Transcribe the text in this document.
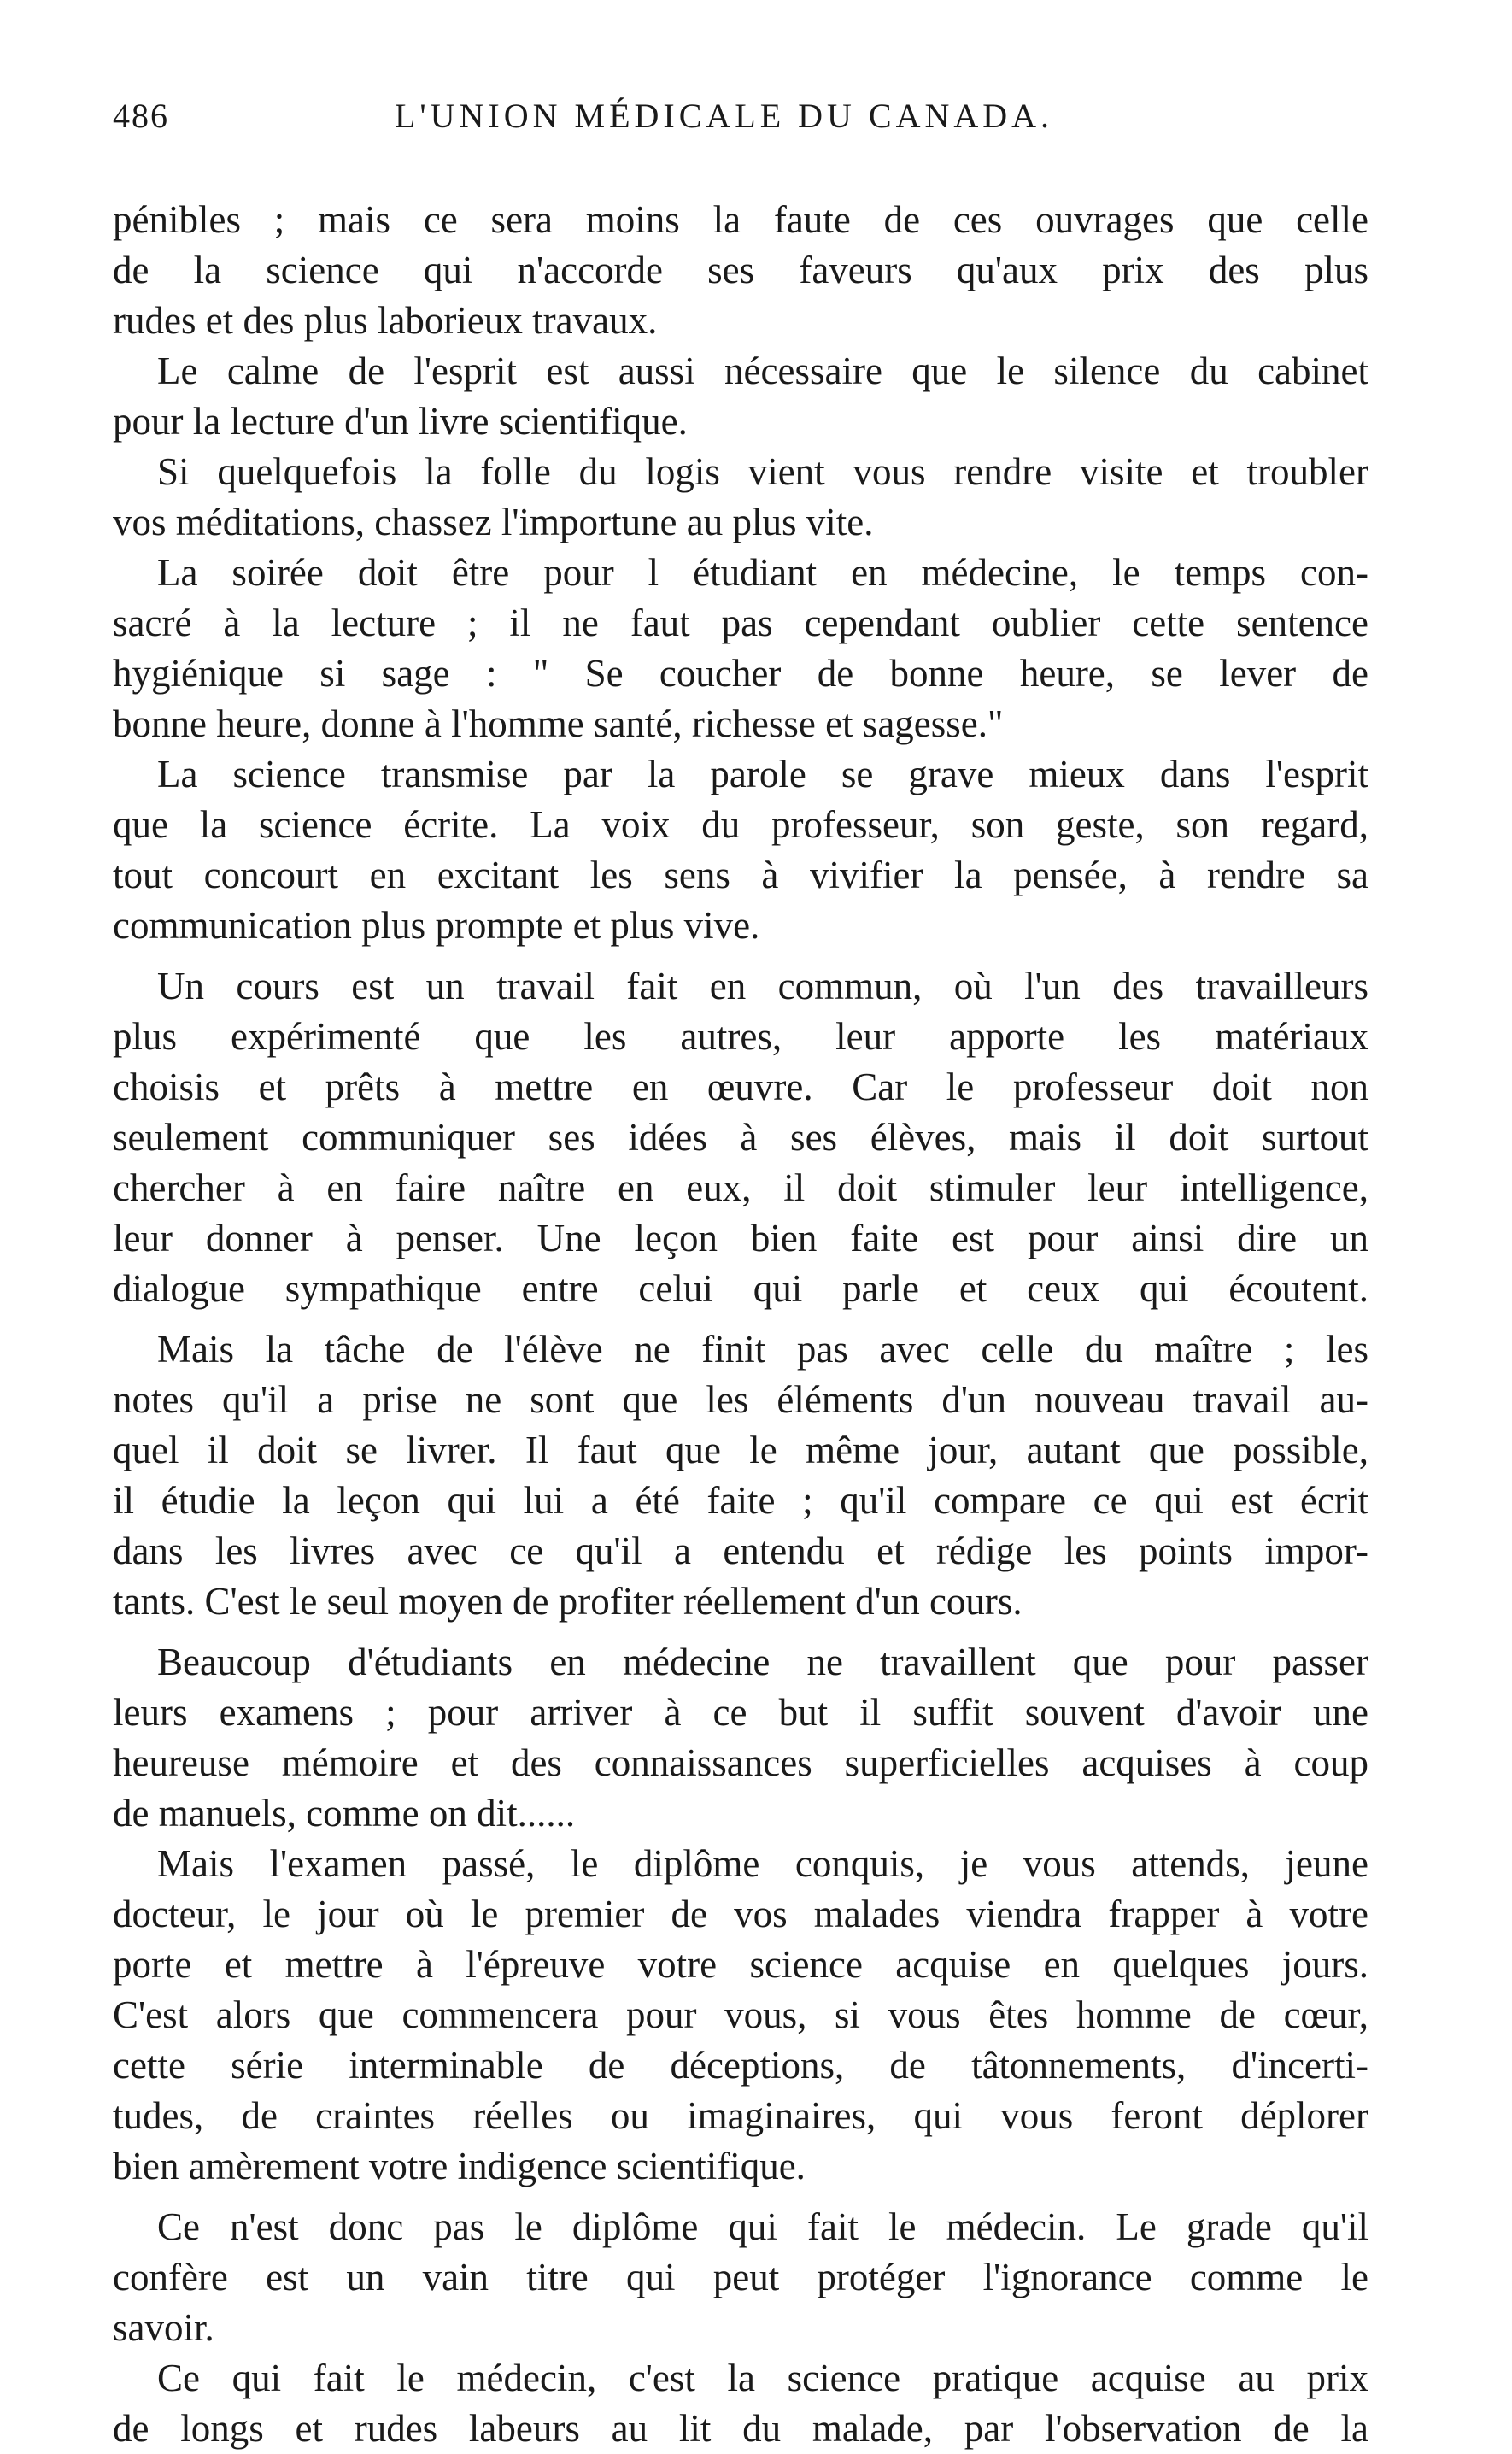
486	L'UNION MÉDICALE DU CANADA.
pénibles ; mais ce sera moins la faute de ces ouvrages que celle
de la science qui n'accorde ses faveurs qu'aux prix des plus
rudes et des plus laborieux travaux.
Le calme de l'esprit est aussi nécessaire que le silence du cabinet
pour la lecture d'un livre scientifique.
Si quelquefois la folle du logis vient vous rendre visite et troubler
vos méditations, chassez l'importune au plus vite.
La soirée doit être pour l étudiant en médecine, le temps con-
sacré à la lecture ; il ne faut pas cependant oublier cette sentence
hygiénique si sage : " Se coucher de bonne heure, se lever de
bonne heure, donne à l'homme santé, richesse et sagesse."
La science transmise par la parole se grave mieux dans l'esprit
que la science écrite. La voix du professeur, son geste, son regard,
tout concourt en excitant les sens à vivifier la pensée, à rendre sa
communication plus prompte et plus vive.
Un cours est un travail fait en commun, où l'un des travailleurs
plus expérimenté que les autres, leur apporte les matériaux
choisis et prêts à mettre en œuvre. Car le professeur doit non
seulement communiquer ses idées à ses élèves, mais il doit surtout
chercher à en faire naître en eux, il doit stimuler leur intelligence,
leur donner à penser. Une leçon bien faite est pour ainsi dire un
dialogue sympathique entre celui qui parle et ceux qui écoutent.
Mais la tâche de l'élève ne finit pas avec celle du maître ; les
notes qu'il a prise ne sont que les éléments d'un nouveau travail au-
quel il doit se livrer. Il faut que le même jour, autant que possible,
il étudie la leçon qui lui a été faite ; qu'il compare ce qui est écrit
dans les livres avec ce qu'il a entendu et rédige les points impor-
tants. C'est le seul moyen de profiter réellement d'un cours.
Beaucoup d'étudiants en médecine ne travaillent que pour passer
leurs examens ; pour arriver à ce but il suffit souvent d'avoir une
heureuse mémoire et des connaissances superficielles acquises à coup
de manuels, comme on dit......
Mais l'examen passé, le diplôme conquis, je vous attends, jeune
docteur, le jour où le premier de vos malades viendra frapper à votre
porte et mettre à l'épreuve votre science acquise en quelques jours.
C'est alors que commencera pour vous, si vous êtes homme de cœur,
cette série interminable de déceptions, de tâtonnements, d'incerti-
tudes, de craintes réelles ou imaginaires, qui vous feront déplorer
bien amèrement votre indigence scientifique.
Ce n'est donc pas le diplôme qui fait le médecin. Le grade qu'il
confère est un vain titre qui peut protéger l'ignorance comme le
savoir.
Ce qui fait le médecin, c'est la science pratique acquise au prix
de longs et rudes labeurs au lit du malade, par l'observation de la
